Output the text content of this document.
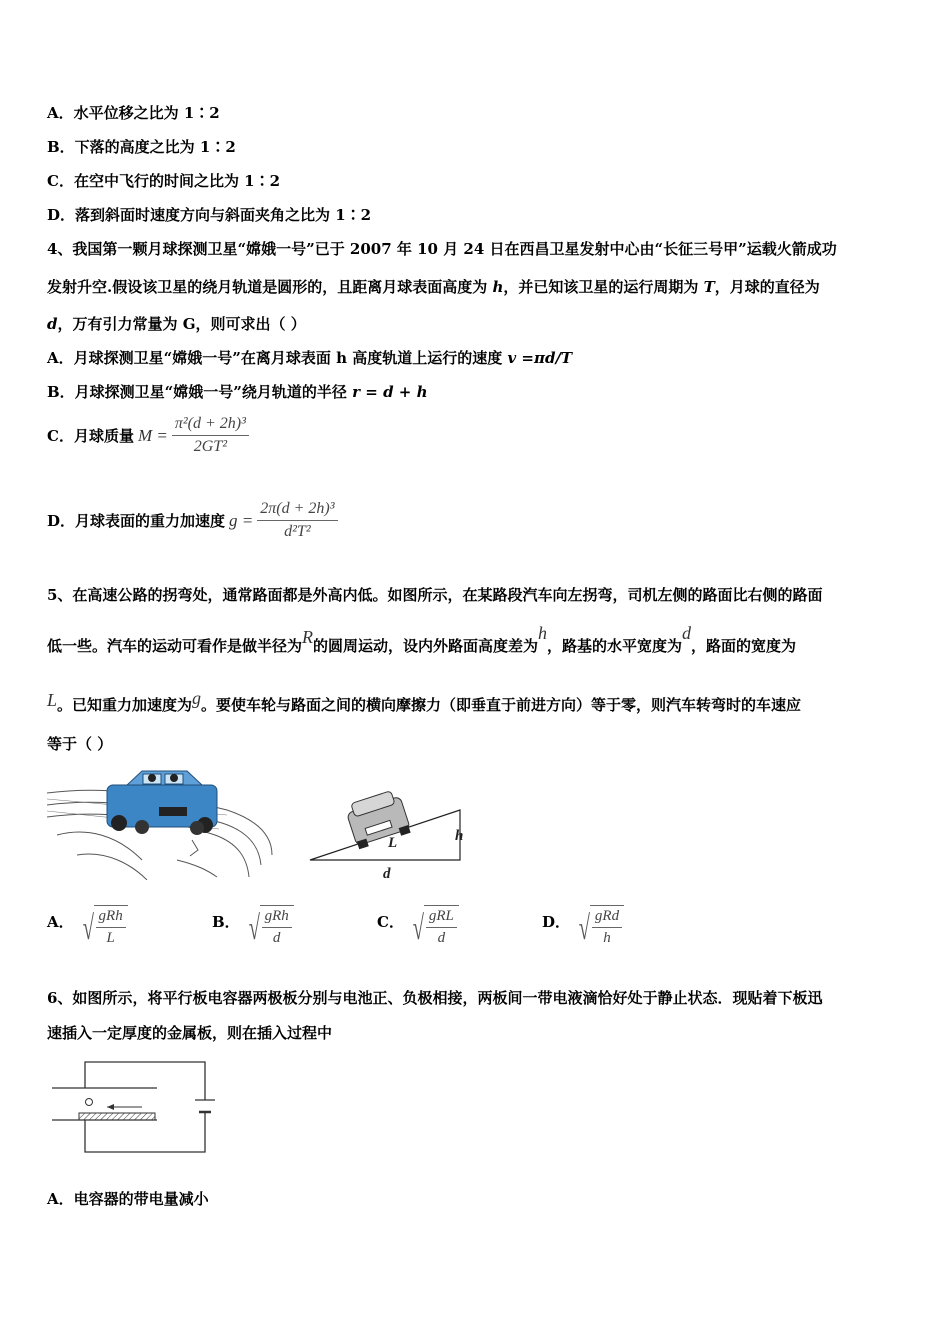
A．水平位移之比为 1∶2
B．下落的高度之比为 1∶2
C．在空中飞行的时间之比为 1∶2
D．落到斜面时速度方向与斜面夹角之比为 1∶2
4、我国第一颗月球探测卫星“嫦娥一号”已于 2007 年 10 月 24 日在西昌卫星发射中心由“长征三号甲”运载火箭成功
发射升空.假设该卫星的绕月轨道是圆形的，且距离月球表面高度为 h，并已知该卫星的运行周期为 T，月球的直径为
d，万有引力常量为 G，则可求出（ ）
A．月球探测卫星“嫦娥一号”在离月球表面 h 高度轨道上运行的速度 v =πd/T
B．月球探测卫星“嫦娥一号”绕月轨道的半径 r = d + h
C．月球质量 $M = \frac{\text{π²(d + 2h)³}}{\text{2GT²}}$
D．月球表面的重力加速度 $g = \frac{\text{2π(d + 2h)³}}{\text{d²T²}}$
5、在高速公路的拐弯处，通常路面都是外高内低。如图所示，在某路段汽车向左拐弯，司机左侧的路面比右侧的路面
低一些。汽车的运动可看作是做半径为R的圆周运动，设内外路面高度差为h，路基的水平宽度为d，路面的宽度为
L。已知重力加速度为g。要使车轮与路面之间的横向摩擦力（即垂直于前进方向）等于零，则汽车转弯时的车速应
等于（ ）
L	h
d
A． √ $\frac{\text{gRh}}{L}$	B． √ $\frac{\text{gRh}}{d}$	C． √ $\frac{\text{gRL}}{d}$	D． √ $\frac{\text{gRd}}{h}$
6、如图所示，将平行板电容器两极板分别与电池正、负极相接，两板间一带电液滴恰好处于静止状态．现贴着下板迅
速插入一定厚度的金属板，则在插入过程中
A．电容器的带电量减小
